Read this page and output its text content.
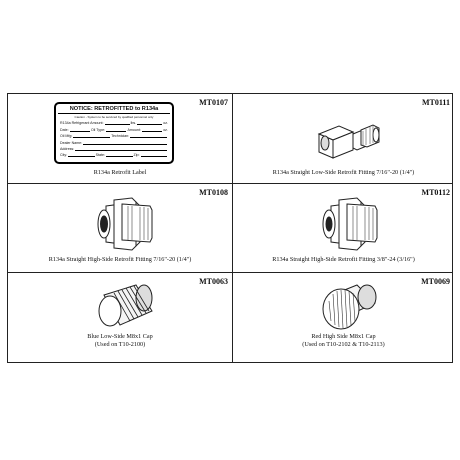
MT0107
NOTICE: RETROFITTED to R134a
Caution - System to be serviced by qualified personnel only
R134a Refrigerant Amount:	lbs.	oz.
Date:	Oil Type:	Amount:	oz.
Oil Mfg:	Technician:
Dealer Name:
Address:
City:	State:	Zip:
R134a Retrofit Label
MT0111
R134a Straight Low-Side Retrofit Fitting 7/16"-20 (1/4")
MT0108
R134a Straight High-Side Retrofit Fitting 7/16"-20 (1/4")
MT0112
R134a Straight High-Side Retrofit Fitting 3/8"-24 (3/16")
MT0063
Blue Low-Side M8x1 Cap
(Used on T10-2100)
MT0069
Red High Side M8x1 Cap
(Used on T10-2102 & T10-2113)
